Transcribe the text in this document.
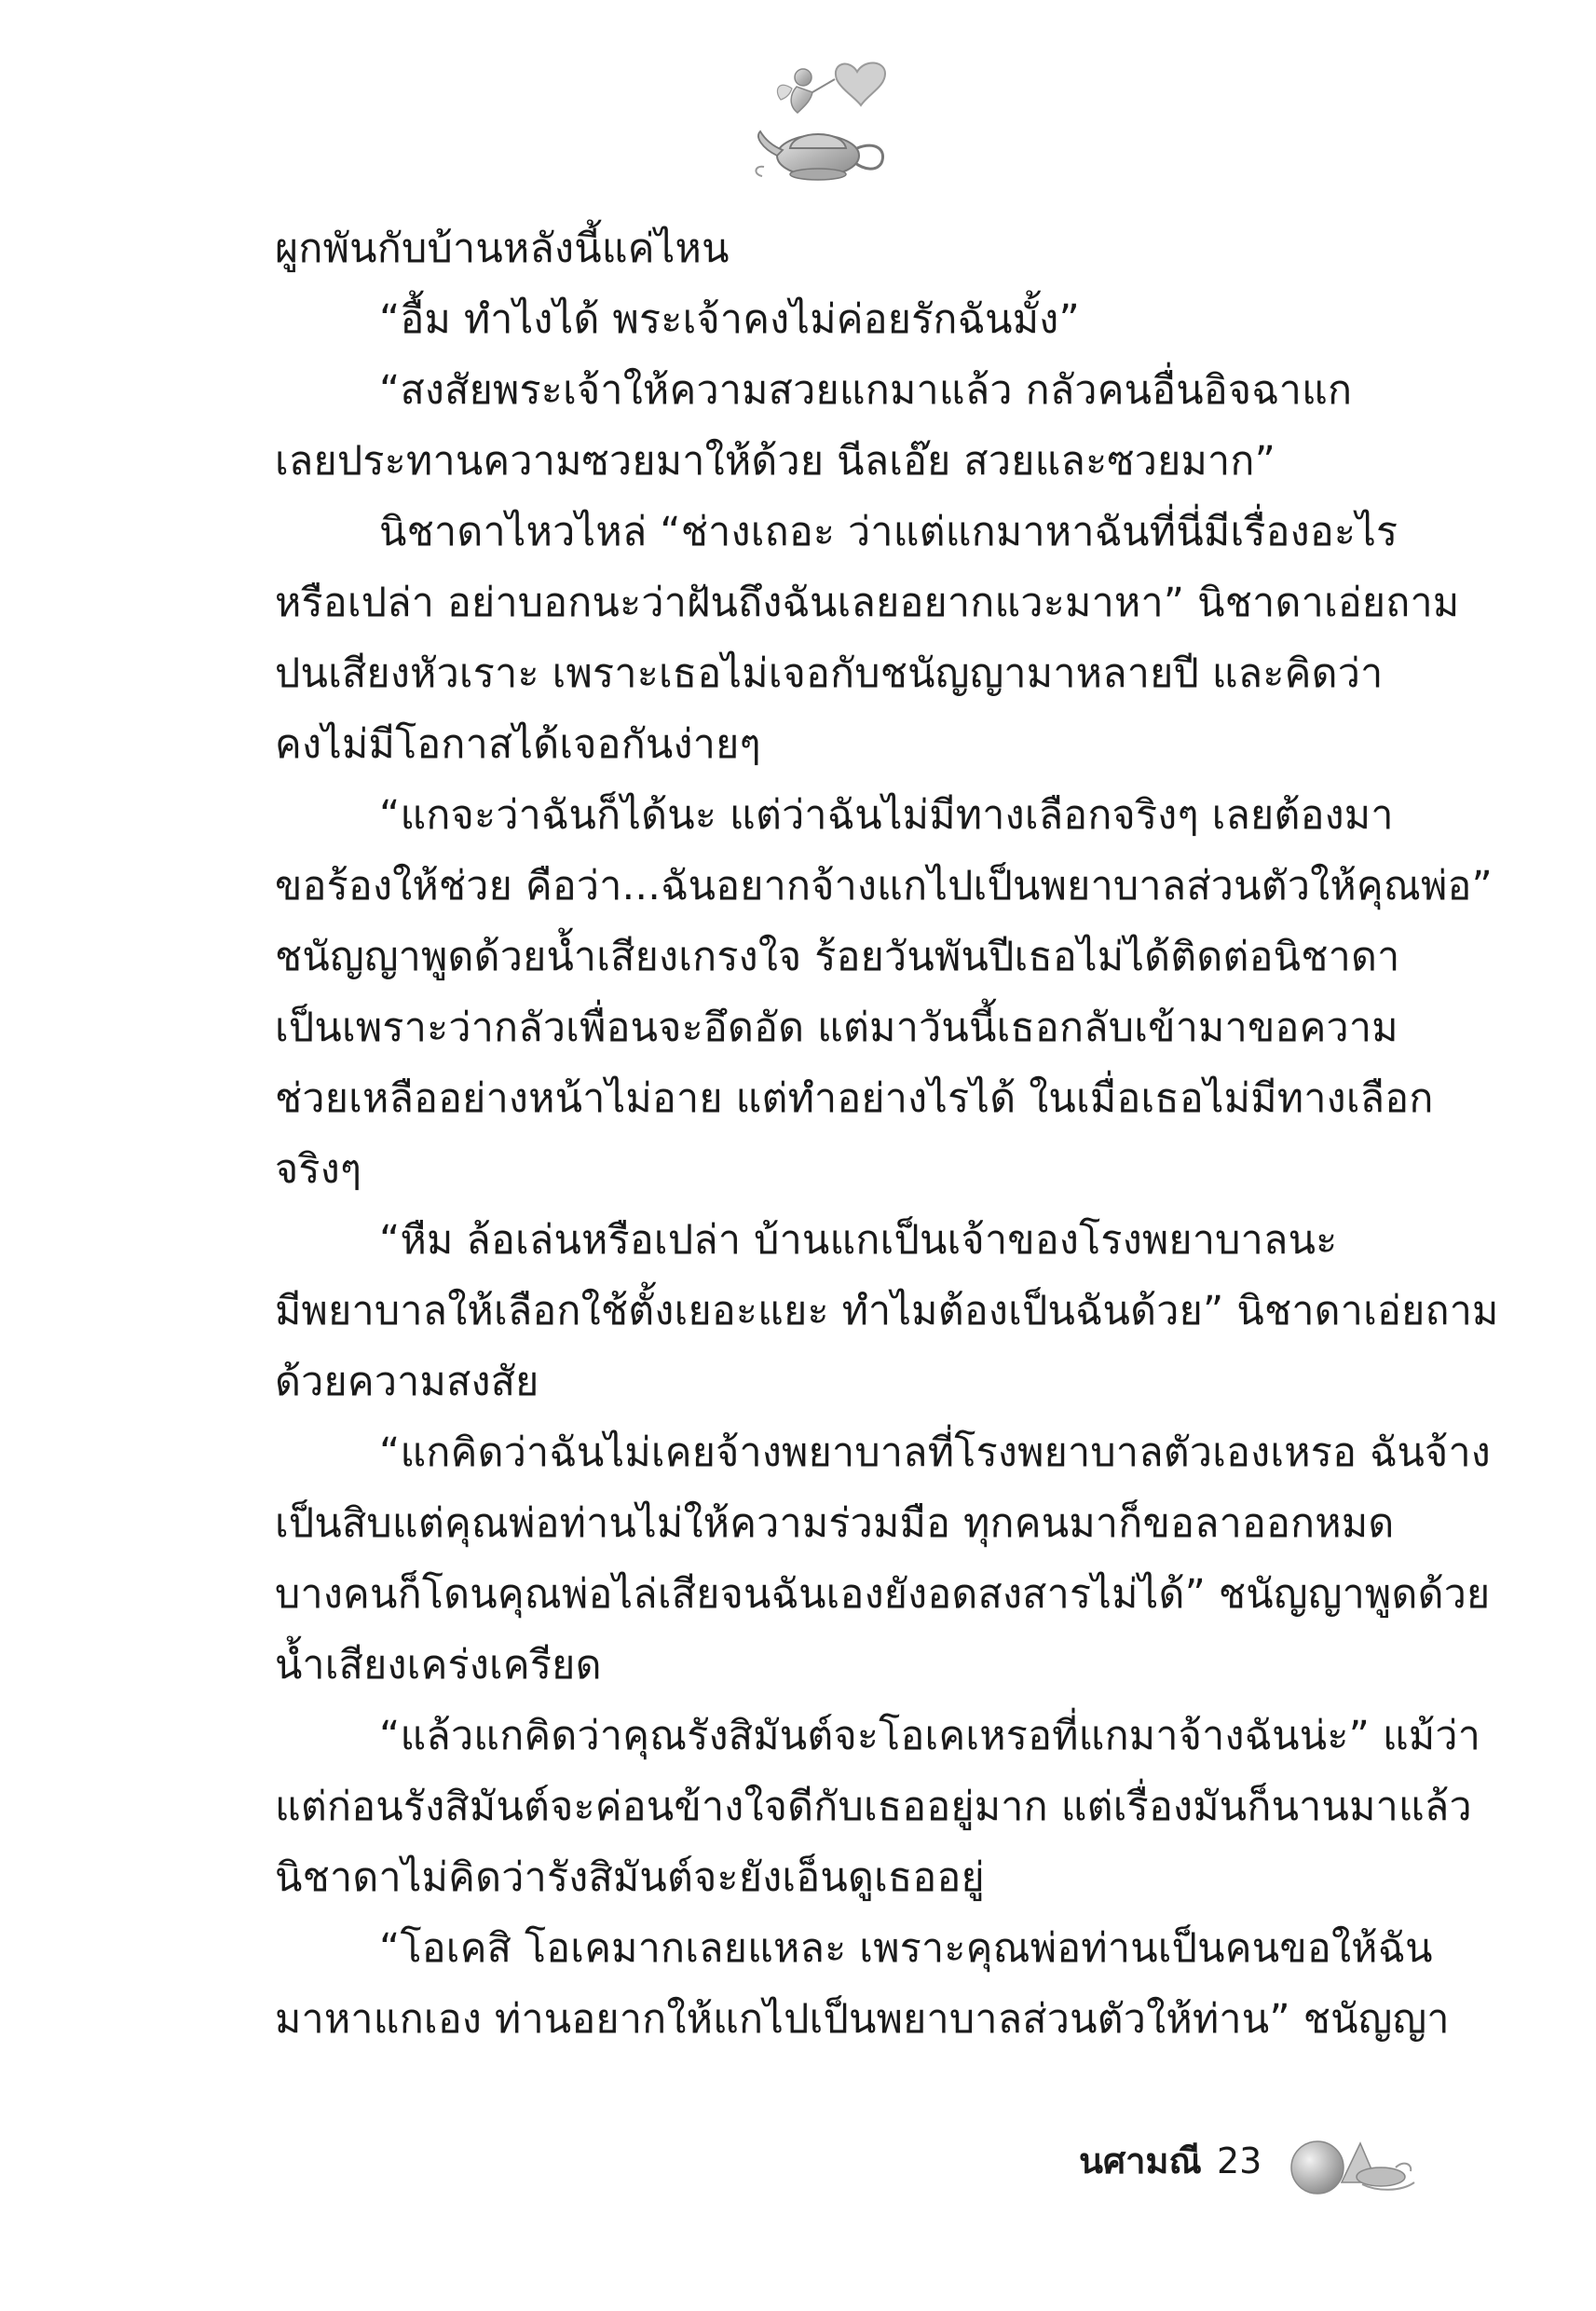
ผูกพันกับบ้านหลังนี้แค่ไหน
“อื้ม ทำไงได้ พระเจ้าคงไม่ค่อยรักฉันมั้ง”
“สงสัยพระเจ้าให้ความสวยแกมาแล้ว กลัวคนอื่นอิจฉาแก
เลยประทานความซวยมาให้ด้วย นีลเอ๊ย สวยและซวยมาก”
นิชาดาไหวไหล่ “ช่างเถอะ ว่าแต่แกมาหาฉันที่นี่มีเรื่องอะไร
หรือเปล่า อย่าบอกนะว่าฝันถึงฉันเลยอยากแวะมาหา” นิชาดาเอ่ยถาม
ปนเสียงหัวเราะ เพราะเธอไม่เจอกับชนัญญามาหลายปี และคิดว่า
คงไม่มีโอกาสได้เจอกันง่ายๆ
“แกจะว่าฉันก็ได้นะ แต่ว่าฉันไม่มีทางเลือกจริงๆ เลยต้องมา
ขอร้องให้ช่วย คือว่า...ฉันอยากจ้างแกไปเป็นพยาบาลส่วนตัวให้คุณพ่อ”
ชนัญญาพูดด้วยน้ำเสียงเกรงใจ ร้อยวันพันปีเธอไม่ได้ติดต่อนิชาดา
เป็นเพราะว่ากลัวเพื่อนจะอึดอัด แต่มาวันนี้เธอกลับเข้ามาขอความ
ช่วยเหลืออย่างหน้าไม่อาย แต่ทำอย่างไรได้ ในเมื่อเธอไม่มีทางเลือก
จริงๆ
“หืม ล้อเล่นหรือเปล่า บ้านแกเป็นเจ้าของโรงพยาบาลนะ
มีพยาบาลให้เลือกใช้ตั้งเยอะแยะ ทำไมต้องเป็นฉันด้วย” นิชาดาเอ่ยถาม
ด้วยความสงสัย
“แกคิดว่าฉันไม่เคยจ้างพยาบาลที่โรงพยาบาลตัวเองเหรอ ฉันจ้าง
เป็นสิบแต่คุณพ่อท่านไม่ให้ความร่วมมือ ทุกคนมาก็ขอลาออกหมด
บางคนก็โดนคุณพ่อไล่เสียจนฉันเองยังอดสงสารไม่ได้” ชนัญญาพูดด้วย
น้ำเสียงเคร่งเครียด
“แล้วแกคิดว่าคุณรังสิมันต์จะโอเคเหรอที่แกมาจ้างฉันน่ะ” แม้ว่า
แต่ก่อนรังสิมันต์จะค่อนข้างใจดีกับเธออยู่มาก แต่เรื่องมันก็นานมาแล้ว
นิชาดาไม่คิดว่ารังสิมันต์จะยังเอ็นดูเธออยู่
“โอเคสิ โอเคมากเลยแหละ เพราะคุณพ่อท่านเป็นคนขอให้ฉัน
มาหาแกเอง ท่านอยากให้แกไปเป็นพยาบาลส่วนตัวให้ท่าน” ชนัญญา
นศามณี 23
